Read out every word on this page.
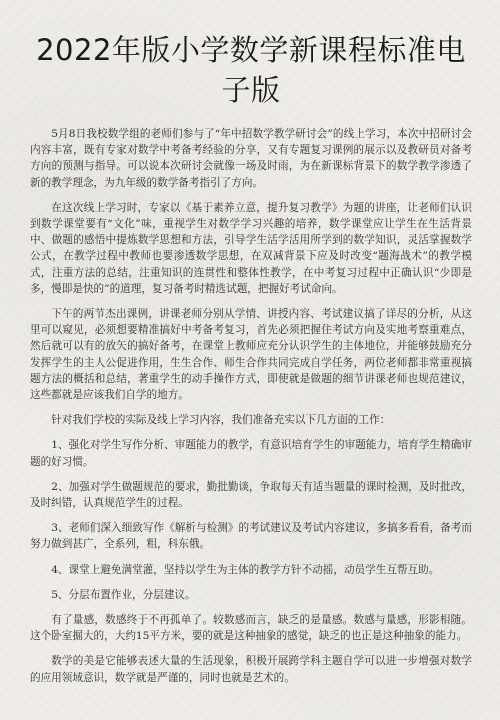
2022年版小学数学新课程标准电子版

5月8日我校数学组的老师们参与了“年中招数学教学研讨会”的线上学习，本次中招研讨会内容丰富，既有专家对数学中考备考经验的分享，又有专题复习课例的展示以及教研员对备考方向的预测与指导。可以说本次研讨会就像一场及时雨，为在新课标背景下的数学教学渗透了新的教学理念，为九年级的数学备考指引了方向。

在这次线上学习时，专家以《基于素养立意，提升复习教学》为题的讲座，让老师们认识到数学课堂要有“文化”味，重视学生对数学学习兴趣的培养，数学课堂应让学生在生活背景中、做题的感悟中提炼数学思想和方法，引导学生活学活用所学到的数学知识，灵活掌握数学公式，在教学过程中教师也要渗透数学思想，在双减背景下应及时改变“题海战术”的教学模式，注重方法的总结，注重知识的连贯性和整体性教学，在中考复习过程中正确认识“少即是多，慢即是快的”的道理，复习备考时精选试题，把握好考试命向。

下午的两节杰出课例，讲课老师分别从学情、讲授内容、考试建议搞了详尽的分析，从这里可以窥见，必须想要精准搞好中考备考复习，首先必须把握住考试方向及实地考察重难点，然后就可以有的放矢的搞好备考，在课堂上教师应充分认识学生的主体地位，并能够鼓励充分发挥学生的主人公促进作用，生生合作、师生合作共同完成自学任务，两位老师都非常重视搞题方法的概括和总结，著重学生的动手操作方式，即使就是做题的细节讲课老师也规范建议，这些都就是应该我们自学的地方。

针对我们学校的实际及线上学习内容，我们准备充实以下几方面的工作：

1、强化对学生写作分析、审题能力的教学，有意识培育学生的审题能力，培育学生精确审题的好习惯。

2、加强对学生做题规范的要求，勤批勤谈，争取每天有适当题量的课时检测，及时批改，及时纠错，认真规范学生的过程。

3、老师们深入细致写作《解析与检测》的考试建议及考试内容建议，多搞多看看，备考而努力做到甚广，全系列，粗，科东俄。

4、课堂上避免满堂灌，坚持以学生为主体的教学方针不动摇，动员学生互帮互助。

5、分层布置作业，分层建议。

有了量感，数感终于不再孤单了。较数感而言，缺乏的是量感。数感与量感，形影相随。这个卧室掘大的，大约15平方米，要的就是这种抽象的感觉，缺乏的也正是这种抽象的能力。

数学的美是它能够表述大量的生活现象，积极开展跨学科主题自学可以进一步增强对数学的应用领域意识，数学就是严谨的，同时也就是艺术的。
